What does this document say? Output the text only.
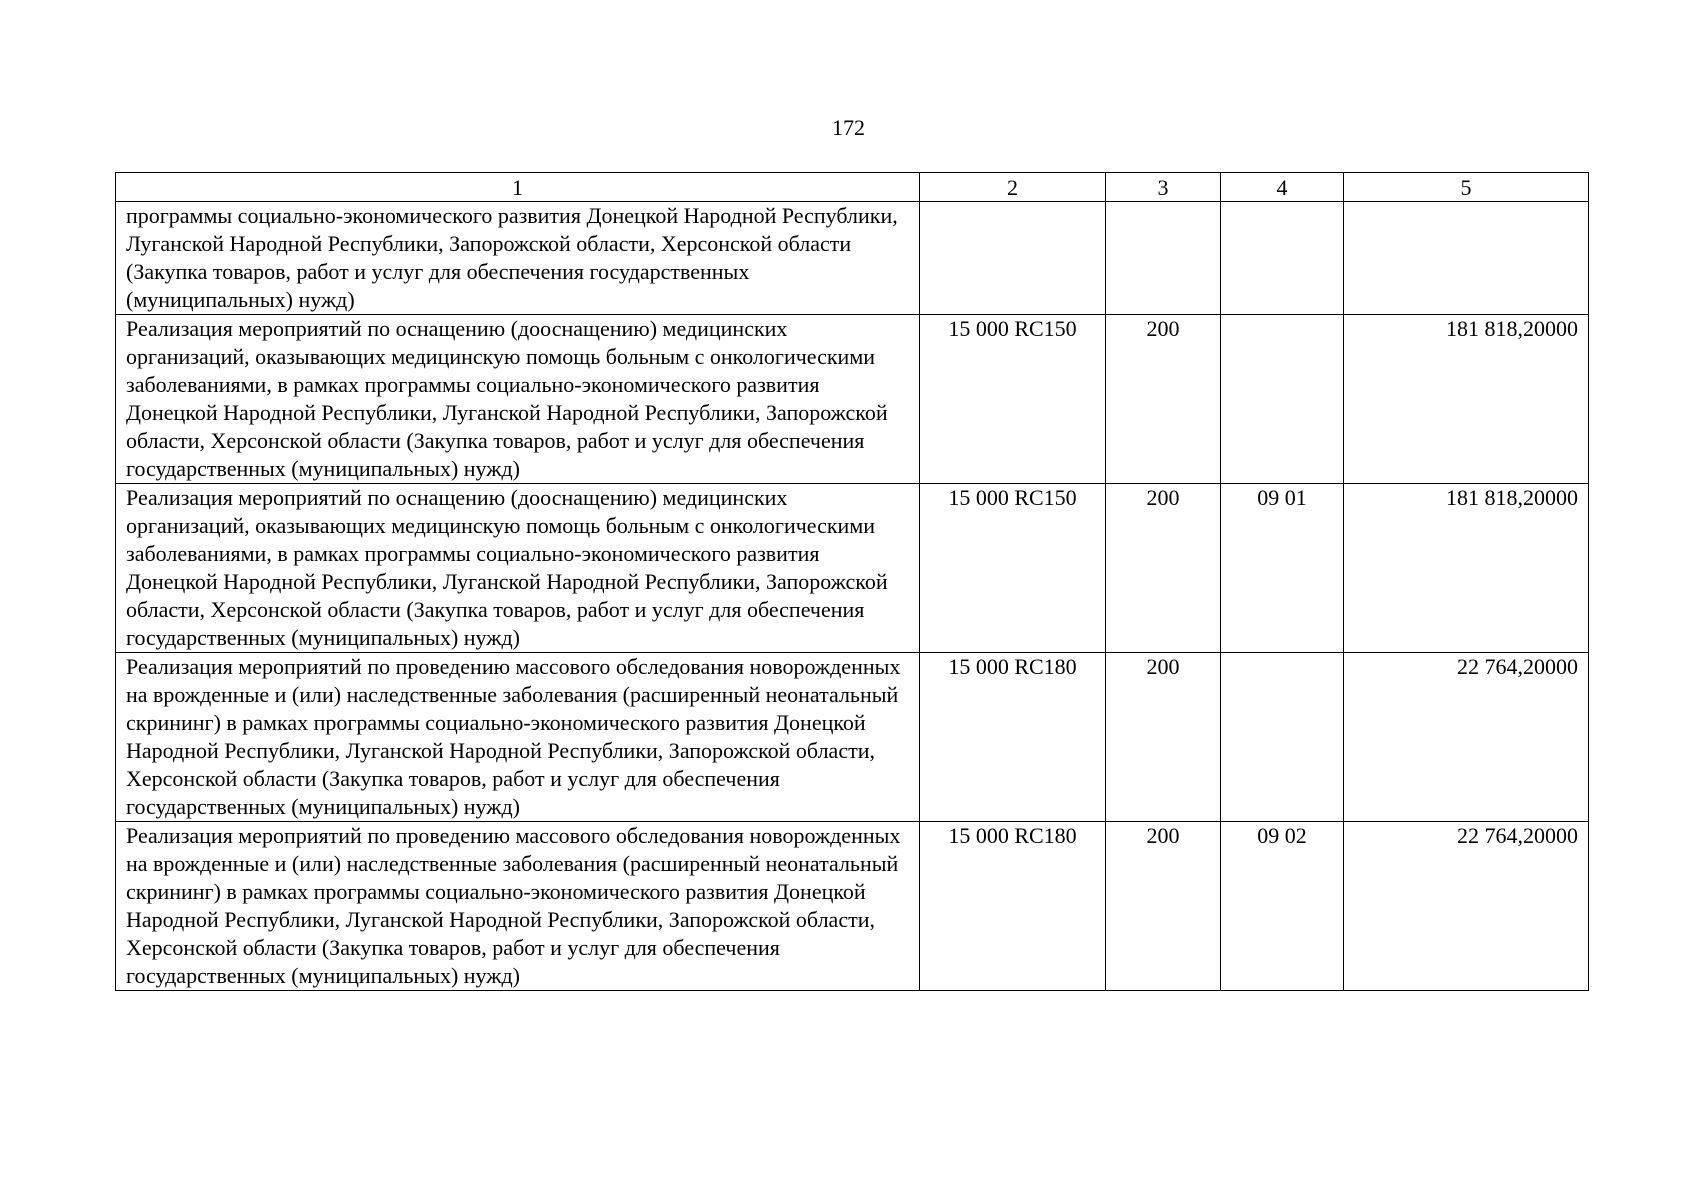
172
1	2	3	4	5
программы социально-экономического развития Донецкой Народной Республики, Луганской Народной Республики, Запорожской области, Херсонской области (Закупка товаров, работ и услуг для обеспечения государственных (муниципальных) нужд)				
Реализация мероприятий по оснащению (дооснащению) медицинских организаций, оказывающих медицинскую помощь больным с онкологическими заболеваниями, в рамках программы социально-экономического развития Донецкой Народной Республики, Луганской Народной Республики, Запорожской области, Херсонской области (Закупка товаров, работ и услуг для обеспечения государственных (муниципальных) нужд)	15 000 RC150	200		181 818,20000
Реализация мероприятий по оснащению (дооснащению) медицинских организаций, оказывающих медицинскую помощь больным с онкологическими заболеваниями, в рамках программы социально-экономического развития Донецкой Народной Республики, Луганской Народной Республики, Запорожской области, Херсонской области (Закупка товаров, работ и услуг для обеспечения государственных (муниципальных) нужд)	15 000 RC150	200	09 01	181 818,20000
Реализация мероприятий по проведению массового обследования новорожденных на врожденные и (или) наследственные заболевания (расширенный неонатальный скрининг) в рамках программы социально-экономического развития Донецкой Народной Республики, Луганской Народной Республики, Запорожской области, Херсонской области (Закупка товаров, работ и услуг для обеспечения государственных (муниципальных) нужд)	15 000 RC180	200		22 764,20000
Реализация мероприятий по проведению массового обследования новорожденных на врожденные и (или) наследственные заболевания (расширенный неонатальный скрининг) в рамках программы социально-экономического развития Донецкой Народной Республики, Луганской Народной Республики, Запорожской области, Херсонской области (Закупка товаров, работ и услуг для обеспечения государственных (муниципальных) нужд)	15 000 RC180	200	09 02	22 764,20000
